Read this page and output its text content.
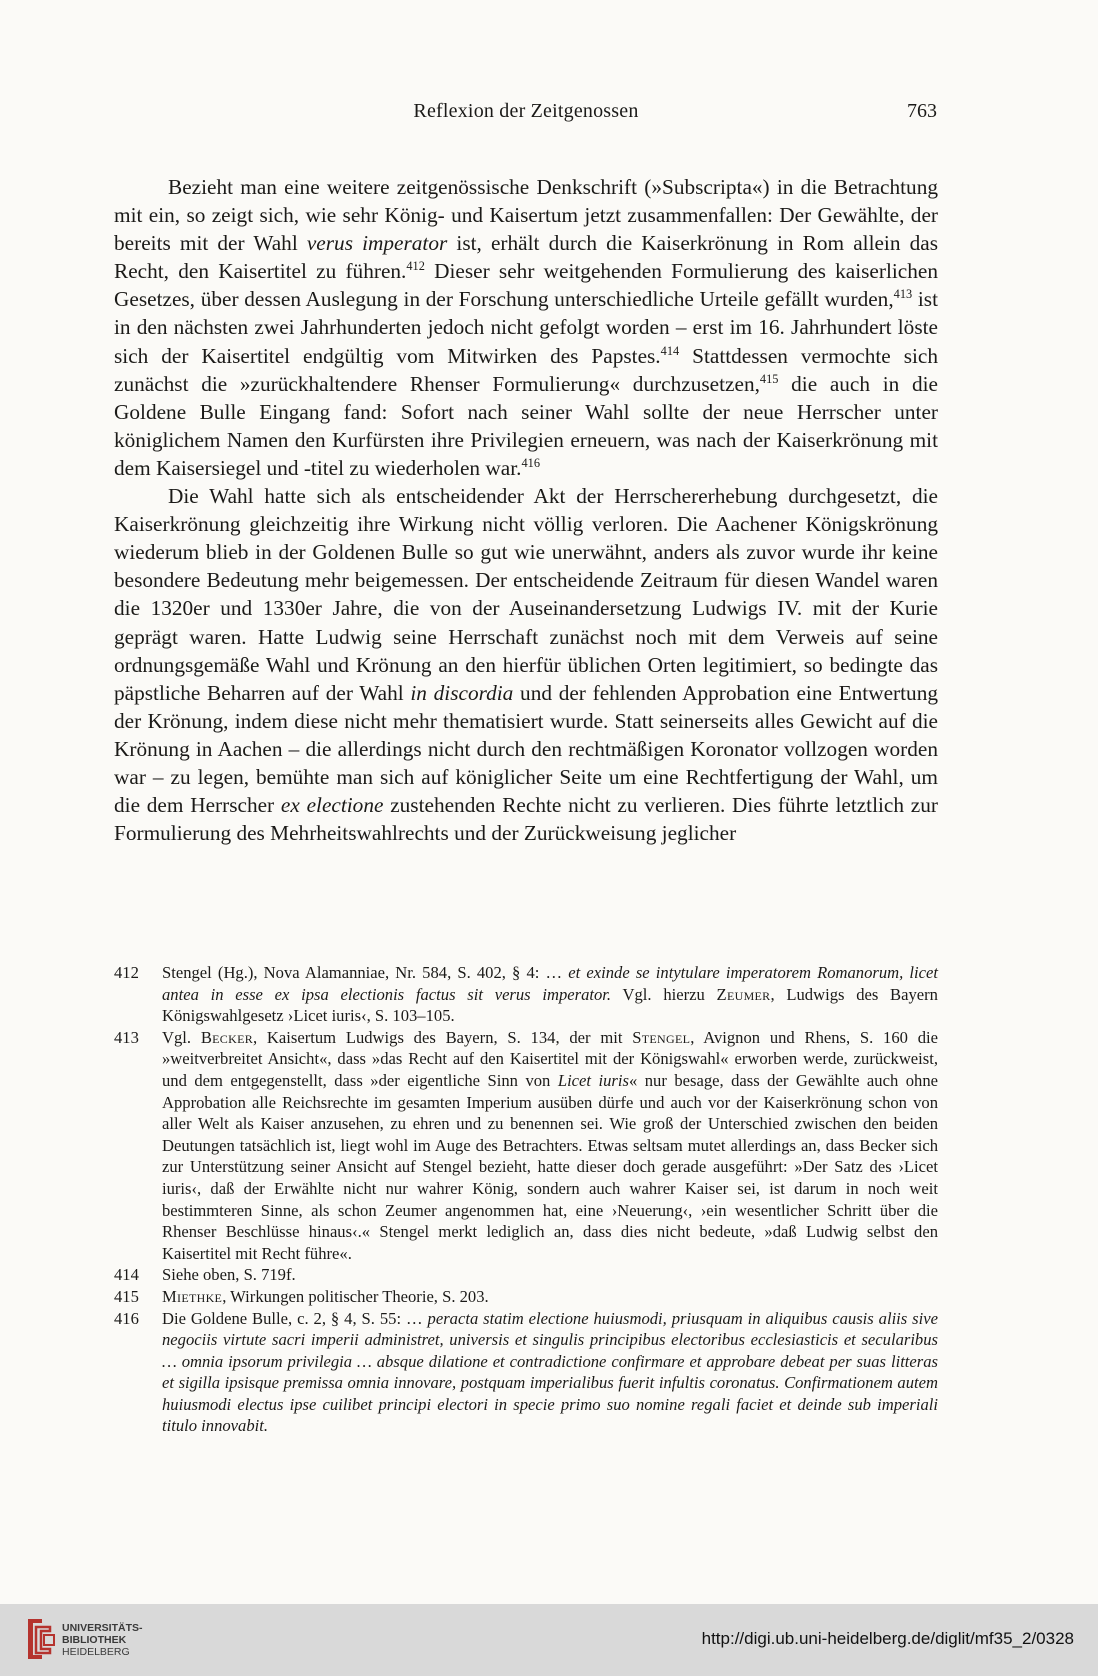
Reflexion der Zeitgenossen	763

Bezieht man eine weitere zeitgenössische Denkschrift (»Subscripta«) in die Betrachtung mit ein, so zeigt sich, wie sehr König- und Kaisertum jetzt zusammenfallen: Der Gewählte, der bereits mit der Wahl verus imperator ist, erhält durch die Kaiserkrönung in Rom allein das Recht, den Kaisertitel zu führen.$^{412}$ Dieser sehr weitgehenden Formulierung des kaiserlichen Gesetzes, über dessen Auslegung in der Forschung unterschiedliche Urteile gefällt wurden,$^{413}$ ist in den nächsten zwei Jahrhunderten jedoch nicht gefolgt worden – erst im 16. Jahrhundert löste sich der Kaisertitel endgültig vom Mitwirken des Papstes.$^{414}$ Stattdessen vermochte sich zunächst die »zurückhaltendere Rhenser Formulierung« durchzusetzen,$^{415}$ die auch in die Goldene Bulle Eingang fand: Sofort nach seiner Wahl sollte der neue Herrscher unter königlichem Namen den Kurfürsten ihre Privilegien erneuern, was nach der Kaiserkrönung mit dem Kaisersiegel und -titel zu wiederholen war.$^{416}$

Die Wahl hatte sich als entscheidender Akt der Herrschererhebung durchgesetzt, die Kaiserkrönung gleichzeitig ihre Wirkung nicht völlig verloren. Die Aachener Königskrönung wiederum blieb in der Goldenen Bulle so gut wie unerwähnt, anders als zuvor wurde ihr keine besondere Bedeutung mehr beigemessen. Der entscheidende Zeitraum für diesen Wandel waren die 1320er und 1330er Jahre, die von der Auseinandersetzung Ludwigs IV. mit der Kurie geprägt waren. Hatte Ludwig seine Herrschaft zunächst noch mit dem Verweis auf seine ordnungsgemäße Wahl und Krönung an den hierfür üblichen Orten legitimiert, so bedingte das päpstliche Beharren auf der Wahl in discordia und der fehlenden Approbation eine Entwertung der Krönung, indem diese nicht mehr thematisiert wurde. Statt seinerseits alles Gewicht auf die Krönung in Aachen – die allerdings nicht durch den rechtmäßigen Koronator vollzogen worden war – zu legen, bemühte man sich auf königlicher Seite um eine Rechtfertigung der Wahl, um die dem Herrscher ex electione zustehenden Rechte nicht zu verlieren. Dies führte letztlich zur Formulierung des Mehrheitswahlrechts und der Zurückweisung jeglicher

412	Stengel (Hg.), Nova Alamanniae, Nr. 584, S. 402, § 4: … et exinde se intytulare imperatorem Romanorum, licet antea in esse ex ipsa electionis factus sit verus imperator. Vgl. hierzu Zeumer, Ludwigs des Bayern Königswahlgesetz ›Licet iuris‹, S. 103–105.
413	Vgl. Becker, Kaisertum Ludwigs des Bayern, S. 134, der mit Stengel, Avignon und Rhens, S. 160 die »weitverbreitet Ansicht«, dass »das Recht auf den Kaisertitel mit der Königswahl« erworben werde, zurückweist, und dem entgegenstellt, dass »der eigentliche Sinn von Licet iuris« nur besage, dass der Gewählte auch ohne Approbation alle Reichsrechte im gesamten Imperium ausüben dürfe und auch vor der Kaiserkrönung schon von aller Welt als Kaiser anzusehen, zu ehren und zu benennen sei. Wie groß der Unterschied zwischen den beiden Deutungen tatsächlich ist, liegt wohl im Auge des Betrachters. Etwas seltsam mutet allerdings an, dass Becker sich zur Unterstützung seiner Ansicht auf Stengel bezieht, hatte dieser doch gerade ausgeführt: »Der Satz des ›Licet iuris‹, daß der Erwählte nicht nur wahrer König, sondern auch wahrer Kaiser sei, ist darum in noch weit bestimmteren Sinne, als schon Zeumer angenommen hat, eine ›Neuerung‹, ›ein wesentlicher Schritt über die Rhenser Beschlüsse hinaus‹.« Stengel merkt lediglich an, dass dies nicht bedeute, »daß Ludwig selbst den Kaisertitel mit Recht führe«.
414	Siehe oben, S. 719f.
415	Miethke, Wirkungen politischer Theorie, S. 203.
416	Die Goldene Bulle, c. 2, § 4, S. 55: … peracta statim electione huiusmodi, priusquam in aliquibus causis aliis sive negociis virtute sacri imperii administret, universis et singulis principibus electoribus ecclesiasticis et secularibus … omnia ipsorum privilegia … absque dilatione et contradictione confirmare et approbare debeat per suas litteras et sigilla ipsisque premissa omnia innovare, postquam imperialibus fuerit infultis coronatus. Confirmationem autem huiusmodi electus ipse cuilibet principi electori in specie primo suo nomine regali faciet et deinde sub imperiali titulo innovabit.
UNIVERSITÄTS-
BIBLIOTHEK
HEIDELBERG
http://digi.ub.uni-heidelberg.de/diglit/mf35_2/0328
